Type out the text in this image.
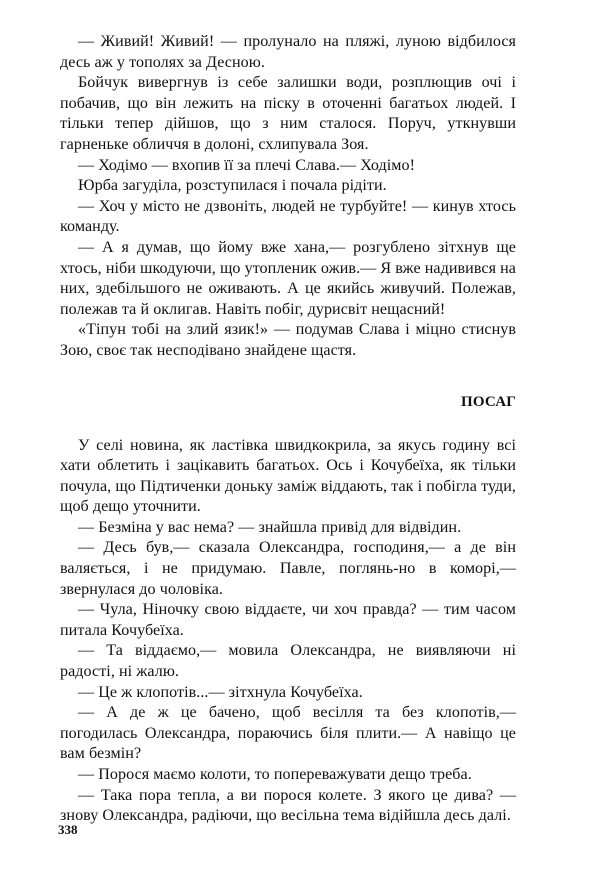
— Живий! Живий! — пролунало на пляжі, луною відбилося десь аж у тополях за Десною.

Бойчук вивергнув із себе залишки води, розплющив очі і побачив, що він лежить на піску в оточенні багатьох людей. І тільки тепер дійшов, що з ним сталося. Поруч, уткнувши гарненьке обличчя в долоні, схлипувала Зоя.

— Ходімо — вхопив її за плечі Слава.— Ходімо!

Юрба загуділа, розступилася і почала рідіти.

— Хоч у місто не дзвоніть, людей не турбуйте! — кинув хтось команду.

— А я думав, що йому вже хана,— розгублено зітхнув ще хтось, ніби шкодуючи, що утопленик ожив.— Я вже надивився на них, здебільшого не оживають. А це якийсь живучий. Полежав, полежав та й оклигав. Навіть побіг, дурисвіт нещасний!

«Тіпун тобі на злий язик!» — подумав Слава і міцно стиснув Зою, своє так несподівано знайдене щастя.

ПОСАГ

У селі новина, як ластівка швидкокрила, за якусь годину всі хати облетить і зацікавить багатьох. Ось і Кочубеїха, як тільки почула, що Підтиченки доньку заміж віддають, так і побігла туди, щоб дещо уточнити.

— Безміна у вас нема? — знайшла привід для відвідин.

— Десь був,— сказала Олександра, господиня,— а де він валяється, і не придумаю. Павле, поглянь-но в коморі,— звернулася до чоловіка.

— Чула, Ніночку свою віддаєте, чи хоч правда? — тим часом питала Кочубеїха.

— Та віддаємо,— мовила Олександра, не виявляючи ні радості, ні жалю.

— Це ж клопотів...— зітхнула Кочубеїха.

— А де ж це бачено, щоб весілля та без клопотів,— погодилась Олександра, пораючись біля плити.— А навіщо це вам безмін?

— Порося маємо колоти, то попереважувати дещо треба.

— Така пора тепла, а ви порося колете. З якого це дива? — знову Олександра, радіючи, що весільна тема відійшла десь далі.

338
